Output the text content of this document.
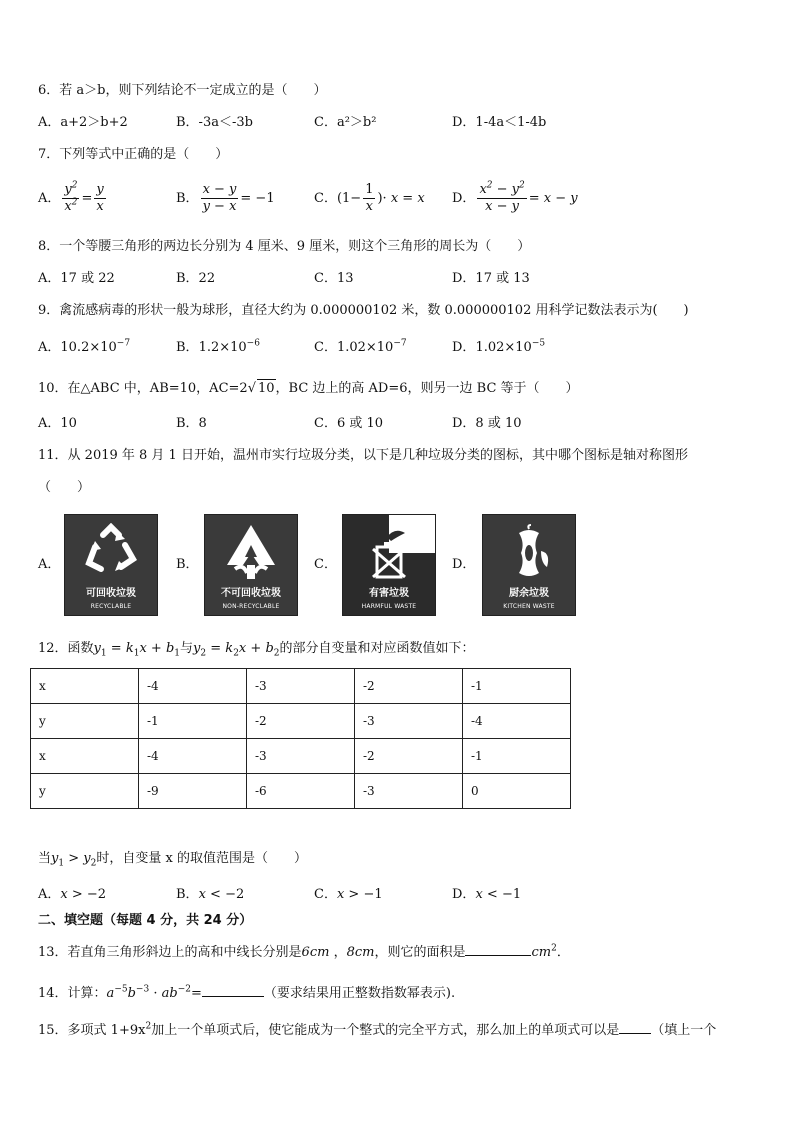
6．若 a＞b，则下列结论不一定成立的是（　　）
A．a+2＞b+2	B．-3a＜-3b	C．a²＞b²	D．1-4a＜1-4b
7．下列等式中正确的是（　　）
A． $\frac{y^2}{x^2} = \frac{y}{x}$	B． $\frac{x - y}{y - x} = -1$	C．($1- \frac{1}{x}$ )· x = x D． $\frac{x^2 - y^2}{x - y} = x - y$
8．一个等腰三角形的两边长分别为 4 厘米、9 厘米，则这个三角形的周长为（　　）
A．17 或 22	B．22	C．13	D．17 或 13
9．禽流感病毒的形状一般为球形，直径大约为 0.000000102 米，数 0.000000102 用科学记数法表示为(　　)
A．$10.2\times 10^{-7}$	B．$1.2\times 10^{-6}$	C．$1.02\times 10^{-7}$	D．$1.02\times 10^{-5}$
10．在△ABC 中，AB=10，AC=2√ 10，BC 边上的高 AD=6，则另一边 BC 等于（　　）
A．10	B．8	C．6 或 10	D．8 或 10
11．从 2019 年 8 月 1 日开始，温州市实行垃圾分类，以下是几种垃圾分类的图标，其中哪个图标是轴对称图形
（　　）
A．
可回收垃圾
RECYCLABLE
B．
不可回收垃圾
NON-RECYCLABLE
C．
有害垃圾
HARMFUL WASTE
D．
厨余垃圾
KITCHEN WASTE
12．函数$y_1 = k_1x + b_1$与$y_2 = k_2x + b_2$的部分自变量和对应函数值如下：
x	-4	-3	-2	-1
y	-1	-2	-3	-4
x	-4	-3	-2	-1
y	-9	-6	-3	0
当$y_1 > y_2$时，自变量 x 的取值范围是（　　）
A．x > −2	B．x < −2	C．x > −1	D．x < −1
二、填空题（每题 4 分，共 24 分）
13．若直角三角形斜边上的高和中线长分别是6cm ，8cm，则它的面积是	$cm^2$．
14．计算：$a^{-5}b^{-3} \cdot ab^{-2}=$	（要求结果用正整数指数幂表示).
15．多项式 $1+9x^2$加上一个单项式后，使它能成为一个整式的完全平方式，那么加上的单项式可以是 （填上一个
